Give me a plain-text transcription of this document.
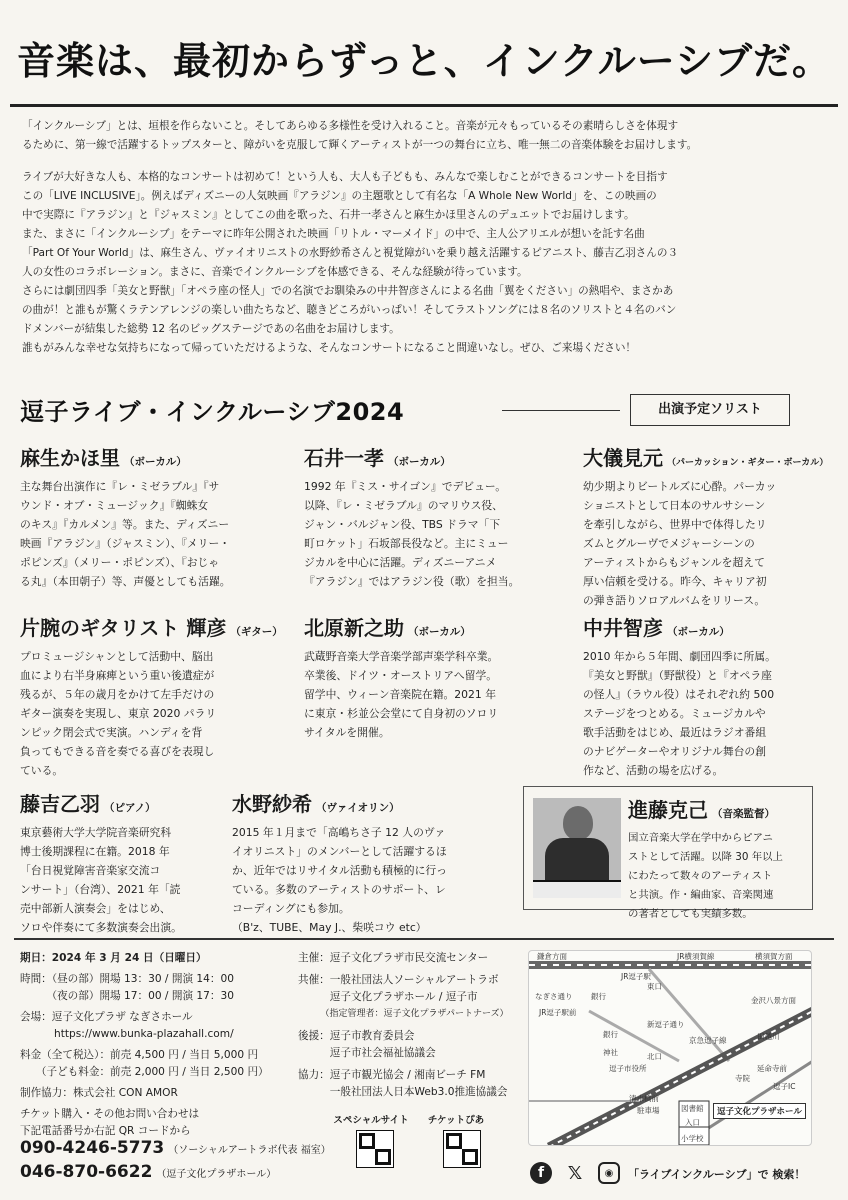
音楽は、最初からずっと、インクルーシブだ。

「インクルーシブ」とは、垣根を作らないこと。そしてあらゆる多様性を受け入れること。音楽が元々もっているその素晴らしさを体現す

るために、第一線で活躍するトップスターと、障がいを克服して輝くアーティストが一つの舞台に立ち、唯一無二の音楽体験をお届けします。

ライブが大好きな人も、本格的なコンサートは初めて！という人も、大人も子どもも、みんなで楽しむことができるコンサートを目指す

この「LIVE INCLUSIVE」。例えばディズニーの人気映画『アラジン』の主題歌として有名な「A Whole New World」を、この映画の

中で実際に『アラジン』と『ジャスミン』としてこの曲を歌った、石井一孝さんと麻生かほ里さんのデュエットでお届けします。

また、まさに「インクルーシブ」をテーマに昨年公開された映画「リトル・マーメイド」の中で、主人公アリエルが想いを託す名曲

「Part Of Your World」は、麻生さん、ヴァイオリニストの水野紗希さんと視覚障がいを乗り越え活躍するピアニスト、藤吉乙羽さんの３

人の女性のコラボレーション。まさに、音楽でインクルーシブを体感できる、そんな経験が待っています。

さらには劇団四季「美女と野獣」「オペラ座の怪人」での名演でお馴染みの中井智彦さんによる名曲「翼をください」の熱唱や、まさかあ

の曲が！と誰もが驚くラテンアレンジの楽しい曲たちなど、聴きどころがいっぱい！そしてラストソングには８名のソリストと４名のバン

ドメンバーが結集した総勢 12 名のビッグステージであの名曲をお届けします。

誰もがみんな幸せな気持ちになって帰っていただけるような、そんなコンサートになること間違いなし。ぜひ、ご来場ください！

逗子ライブ・インクルーシブ2024	出演予定ソリスト
麻生かほ里 （ボーカル）
主な舞台出演作に『レ・ミゼラブル』『サ
ウンド・オブ・ミュージック』『蜘蛛女
のキス』『カルメン』等。また、ディズニー
映画『アラジン』（ジャスミン）、『メリー・
ポピンズ』（メリー・ポピンズ）、『おじゃ
る丸』（本田朝子）等、声優としても活躍。
石井一孝 （ボーカル）
1992 年『ミス・サイゴン』でデビュー。
以降、『レ・ミゼラブル』のマリウス役、
ジャン・バルジャン役、TBS ドラマ「下
町ロケット」石坂部長役など。主にミュー
ジカルを中心に活躍。ディズニーアニメ
『アラジン』ではアラジン役（歌）を担当。
大儀見元 （パーカッション・ギター・ボーカル）
幼少期よりビートルズに心酔。パーカッ
ショニストとして日本のサルサシーン
を牽引しながら、世界中で体得したリ
ズムとグルーヴでメジャーシーンの
アーティストからもジャンルを超えて
厚い信頼を受ける。昨今、キャリア初
の弾き語りソロアルバムをリリース。
片腕のギタリスト 輝彦 （ギター）
プロミュージシャンとして活動中、脳出
血により右半身麻痺という重い後遺症が
残るが、５年の歳月をかけて左手だけの
ギター演奏を実現し、東京 2020 パラリ
ンピック閉会式で実演。ハンディを背
負ってもできる音を奏でる喜びを表現し
ている。
北原新之助 （ボーカル）
武蔵野音楽大学音楽学部声楽学科卒業。
卒業後、ドイツ・オーストリアへ留学。
留学中、ウィーン音楽院在籍。2021 年
に東京・杉並公会堂にて自身初のソロリ
サイタルを開催。
中井智彦 （ボーカル）
2010 年から５年間、劇団四季に所属。
『美女と野獣』（野獣役）と『オペラ座
の怪人』（ラウル役）はそれぞれ約 500
ステージをつとめる。ミュージカルや
歌手活動をはじめ、最近はラジオ番組
のナビゲーターやオリジナル舞台の創
作など、活動の場を広げる。
藤吉乙羽 （ピアノ）
東京藝術大学大学院音楽研究科
博士後期課程に在籍。2018 年
「台日視覚障害音楽家交流コ
ンサート」（台湾）、2021 年「読
売中部新人演奏会」をはじめ、
ソロや伴奏にて多数演奏会出演。
水野紗希 （ヴァイオリン）
2015 年１月まで「高嶋ちさ子 12 人のヴァ
イオリニスト」のメンバーとして活躍するほ
か、近年ではリサイタル活動も積極的に行っ
ている。多数のアーティストのサポート、レ
コーディングにも参加。
（B'z、TUBE、May J.、柴咲コウ etc）
進藤克己 （音楽監督）
国立音楽大学在学中からピアニ
ストとして活躍。以降 30 年以上
にわたって数々のアーティスト
と共演。作・編曲家、音楽関連
の著者としても実績多数。
期日：2024 年 3 月 24 日（日曜日）
時間：（昼の部）開場 13：30 / 開演 14：00
　　　（夜の部）開場 17：00 / 開演 17：30
会場：逗子文化プラザ なぎさホール
https://www.bunka-plazahall.com/
料金（全て税込）：前売 4,500 円 / 当日 5,000 円
　　（子ども料金：前売 2,000 円 / 当日 2,500 円）
制作協力：株式会社 CON AMOR
チケット購入・その他お問い合わせは
下記電話番号か右記 QR コードから
090-4246-5773 （ソーシャルアートラボ代表 福室）
046-870-6622 （逗子文化プラザホール）
主催：逗子文化プラザ市民交流センター
共催：一般社団法人ソーシャルアートラボ
　　　逗子文化プラザホール / 逗子市
　　　（指定管理者：逗子文化プラザパートナーズ）
後援：逗子市教育委員会
　　　逗子市社会福祉協議会
協力：逗子市観光協会 / 湘南ビーチ FM
　　　一般社団法人日本Web3.0推進協議会
スペシャルサイト	チケットぴあ
鎌倉方面
JR逗子駅
JR横須賀線	横須賀方面
東口
なぎさ通り 銀行
JR逗子駅前
金沢八景方面
銀行
新逗子通り
神社
京急逗子線	田越川
逗子市役所
北口
延命寺前
寺院
逗子IC
清水橋前
駐車場	図書館
入口
小学校
逗子文化プラザホール
f	𝕏	◉	「ライブインクルーシブ」で 検索！
